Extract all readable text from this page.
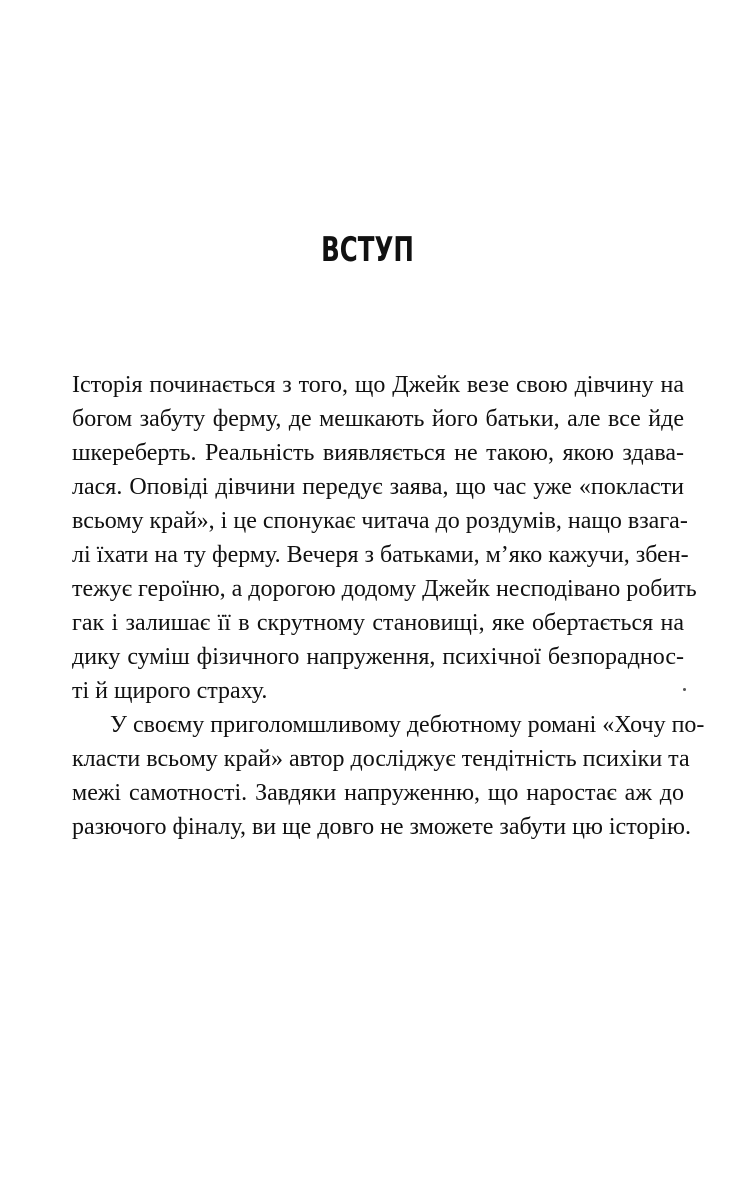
ВСТУП
Історія починається з того, що Джейк везе свою дівчину на
богом забуту ферму, де мешкають його батьки, але все йде
шкереберть. Реальність виявляється не такою, якою здава-
лася. Оповіді дівчини передує заява, що час уже «покласти
всьому край», і це спонукає читача до роздумів, нащо взага-
лі їхати на ту ферму. Вечеря з батьками, м’яко кажучи, збен-
тежує героїню, а дорогою додому Джейк несподівано робить
гак і залишає її в скрутному становищі, яке обертається на
дику суміш фізичного напруження, психічної безпораднос-
ті й щирого страху.
У своєму приголомшливому дебютному романі «Хочу по-
класти всьому край» автор досліджує тендітність психіки та
межі самотності. Завдяки напруженню, що наростає аж до
разючого фіналу, ви ще довго не зможете забути цю історію.
